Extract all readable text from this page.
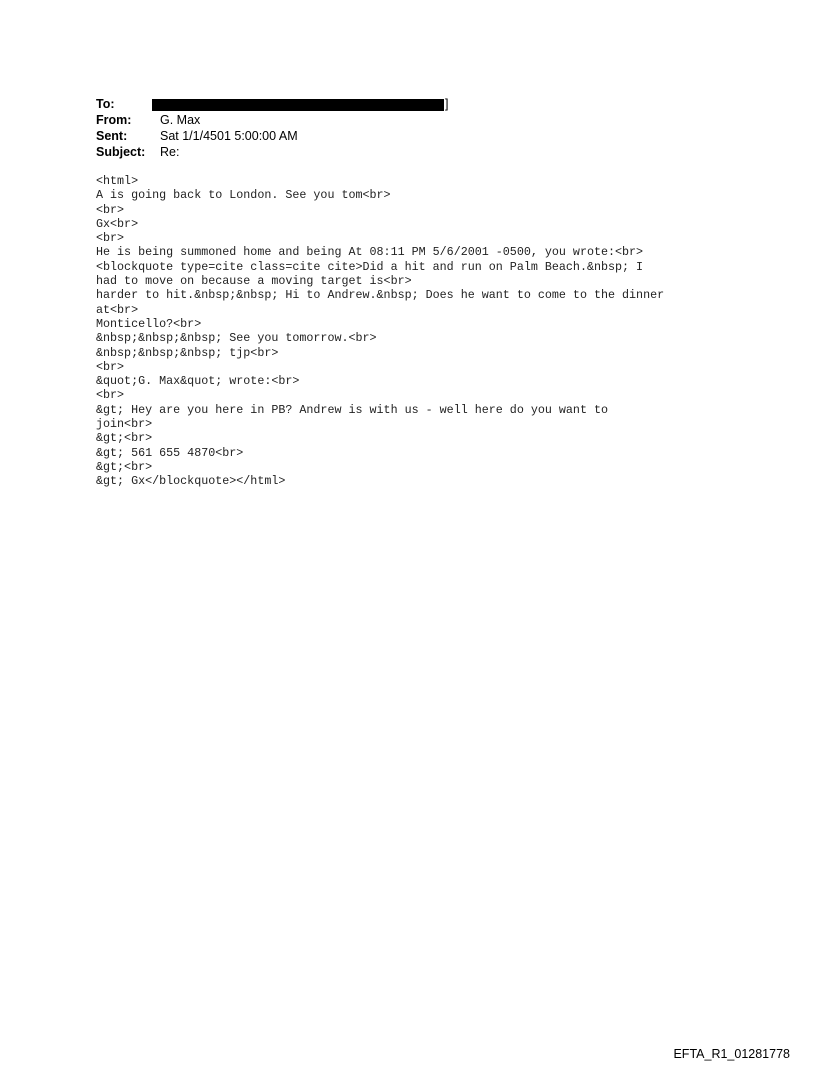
To:	]
From:	G. Max
Sent:	Sat 1/1/4501 5:00:00 AM
Subject:	Re:
<html>
A is going back to London. See you tom<br>
<br>
Gx<br>
<br>
He is being summoned home and being At 08:11 PM 5/6/2001 -0500, you wrote:<br>
<blockquote type=cite class=cite cite>Did a hit and run on Palm Beach.&nbsp; I
had to move on because a moving target is<br>
harder to hit.&nbsp;&nbsp; Hi to Andrew.&nbsp; Does he want to come to the dinner
at<br>
Monticello?<br>
&nbsp;&nbsp;&nbsp; See you tomorrow.<br>
&nbsp;&nbsp;&nbsp; tjp<br>
<br>
&quot;G. Max&quot; wrote:<br>
<br>
&gt; Hey are you here in PB? Andrew is with us - well here do you want to
join<br>
&gt;<br>
&gt; 561 655 4870<br>
&gt;<br>
&gt; Gx</blockquote></html>
EFTA_R1_01281778
